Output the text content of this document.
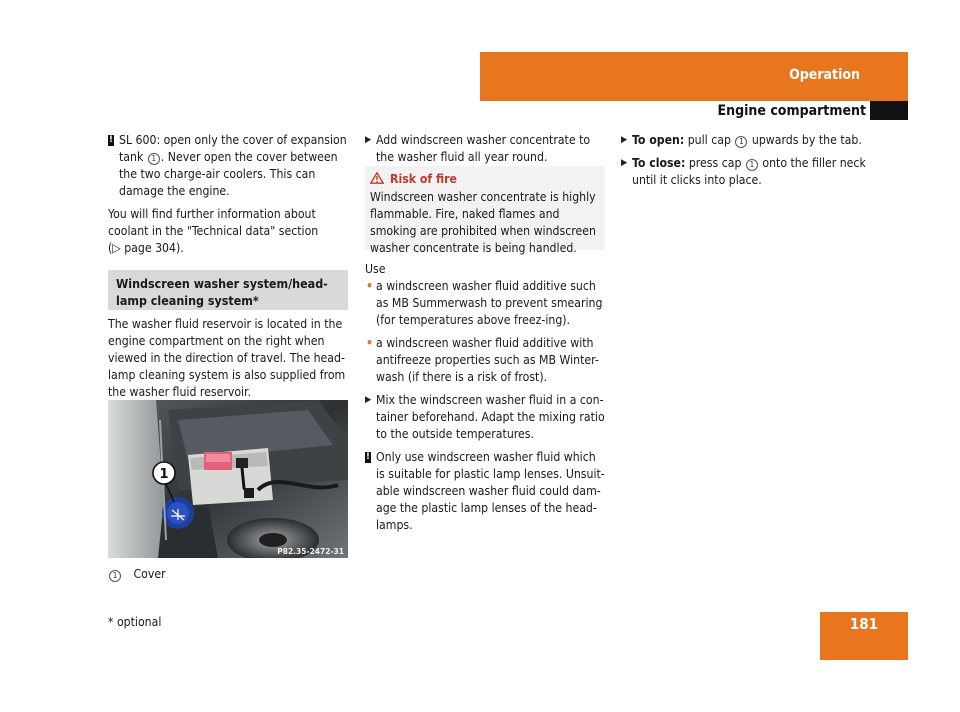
Operation
Engine compartment

! SL 600: open only the cover of expansion tank 1 . Never open the cover between the two charge-air coolers. This can damage the engine.

You will find further information about coolant in the "Technical data" section
(▷ page 304).

Windscreen washer system/head-lamp cleaning system*
The washer fluid reservoir is located in the engine compartment on the right when viewed in the direction of travel. The head-lamp cleaning system is also supplied from the washer fluid reservoir.
1
P82.35-2472-31
1 Cover

▶ Add windscreen washer concentrate to the washer fluid all year round.

Risk of fire
Windscreen washer concentrate is highly flammable. Fire, naked flames and smoking are prohibited when windscreen washer concentrate is being handled.

Use

• a windscreen washer fluid additive such as MB Summerwash to prevent smearing (for temperatures above freez-ing).

• a windscreen washer fluid additive with antifreeze properties such as MB Winter-wash (if there is a risk of frost).

▶ Mix the windscreen washer fluid in a con-tainer beforehand. Adapt the mixing ratio to the outside temperatures.

! Only use windscreen washer fluid which is suitable for plastic lamp lenses. Unsuit-able windscreen washer fluid could dam-age the plastic lamp lenses of the head-lamps.

▶ To open: pull cap 1 upwards by the tab.

▶ To close: press cap 1 onto the filler neck until it clicks into place.

* optional	181
